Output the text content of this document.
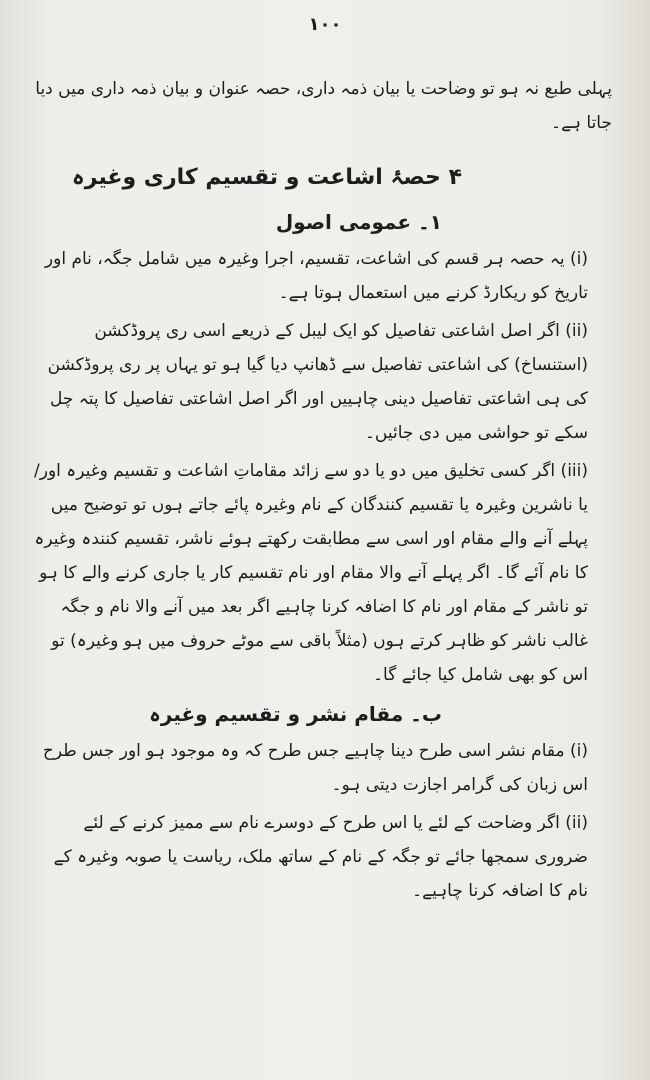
۱۰۰

پہلی طبع نہ ہو تو وضاحت یا بیان ذمہ داری، حصہ عنوان و بیان ذمہ داری میں دیا جاتا ہے۔

۴ حصۂ اشاعت و تقسیم کاری وغیرہ
۱۔ عمومی اصول

(i) یہ حصہ ہر قسم کی اشاعت، تقسیم، اجرا وغیرہ میں شامل جگہ، نام اور تاریخ کو ریکارڈ کرنے میں استعمال ہوتا ہے۔

(ii) اگر اصل اشاعتی تفاصیل کو ایک لیبل کے ذریعے اسی ری پروڈکشن (استنساخ) کی اشاعتی تفاصیل سے ڈھانپ دیا گیا ہو تو یہاں پر ری پروڈکشن کی ہی اشاعتی تفاصیل دینی چاہییں اور اگر اصل اشاعتی تفاصیل کا پتہ چل سکے تو حواشی میں دی جائیں۔

(iii) اگر کسی تخلیق میں دو یا دو سے زائد مقاماتِ اشاعت و تقسیم وغیرہ اور/یا ناشرین وغیرہ یا تقسیم کنندگان کے نام وغیرہ پائے جاتے ہوں تو توضیح میں پہلے آنے والے مقام اور اسی سے مطابقت رکھتے ہوئے ناشر، تقسیم کنندہ وغیرہ کا نام آئے گا۔ اگر پہلے آنے والا مقام اور نام تقسیم کار یا جاری کرنے والے کا ہو تو ناشر کے مقام اور نام کا اضافہ کرنا چاہیے اگر بعد میں آنے والا نام و جگہ غالب ناشر کو ظاہر کرتے ہوں (مثلاً باقی سے موٹے حروف میں ہو وغیرہ) تو اس کو بھی شامل کیا جائے گا۔

ب۔ مقام نشر و تقسیم وغیرہ

(i) مقام نشر اسی طرح دینا چاہیے جس طرح کہ وہ موجود ہو اور جس طرح اس زبان کی گرامر اجازت دیتی ہو۔

(ii) اگر وضاحت کے لئے یا اس طرح کے دوسرے نام سے ممیز کرنے کے لئے ضروری سمجھا جائے تو جگہ کے نام کے ساتھ ملک، ریاست یا صوبہ وغیرہ کے نام کا اضافہ کرنا چاہیے۔
